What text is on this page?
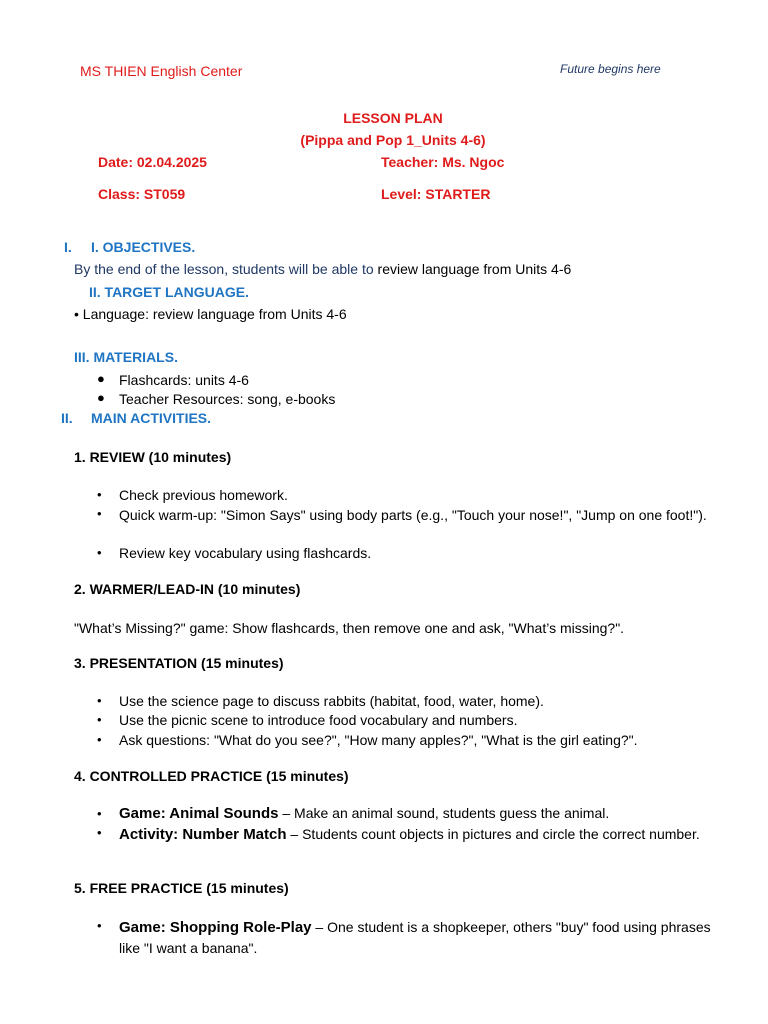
MS THIEN English Center	Future begins here
LESSON PLAN
(Pippa and Pop 1_Units 4-6)
Date: 02.04.2025	Teacher: Ms. Ngoc
Class: ST059	Level: STARTER
I. I. OBJECTIVES.
By the end of the lesson, students will be able to review language from Units 4-6
II. TARGET LANGUAGE.
• Language: review language from Units 4-6
III. MATERIALS.
● Flashcards: units 4-6
● Teacher Resources: song, e-books
II. MAIN ACTIVITIES.
1. REVIEW (10 minutes)
• Check previous homework.
• Quick warm-up: "Simon Says" using body parts (e.g., "Touch your nose!", "Jump on one foot!").
• Review key vocabulary using flashcards.
2. WARMER/LEAD-IN (10 minutes)
"What’s Missing?" game: Show flashcards, then remove one and ask, "What’s missing?".
3. PRESENTATION (15 minutes)
• Use the science page to discuss rabbits (habitat, food, water, home).
• Use the picnic scene to introduce food vocabulary and numbers.
• Ask questions: "What do you see?", "How many apples?", "What is the girl eating?".
4. CONTROLLED PRACTICE (15 minutes)
• Game: Animal Sounds – Make an animal sound, students guess the animal.
• Activity: Number Match – Students count objects in pictures and circle the correct number.
5. FREE PRACTICE (15 minutes)
• Game: Shopping Role-Play – One student is a shopkeeper, others "buy" food using phrases like "I want a banana".
